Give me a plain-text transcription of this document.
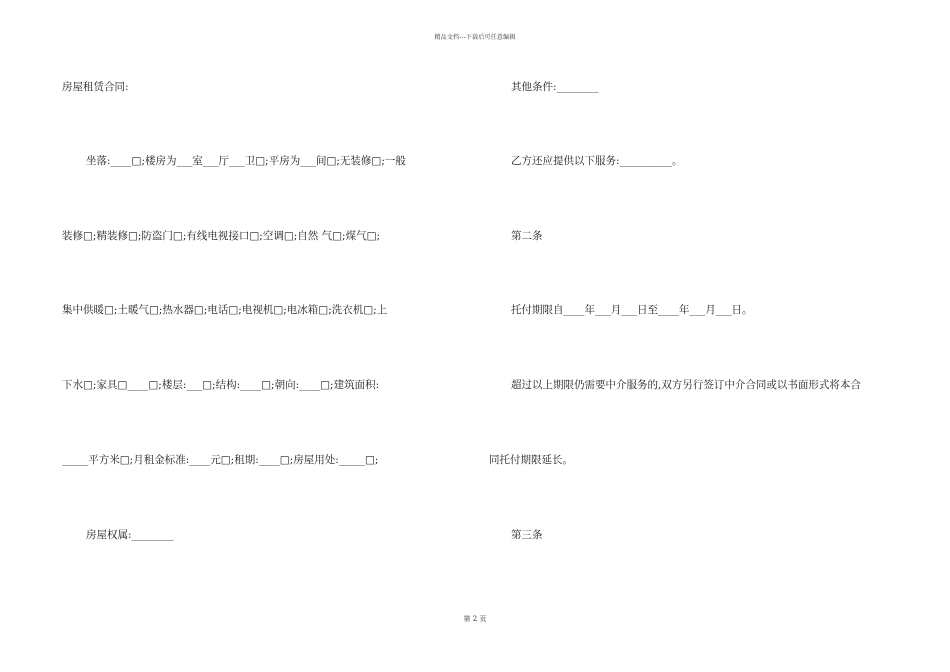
精品文档---下载后可任意编辑
房屋租赁合同:
坐落:____□;楼房为___室___厅___卫□;平房为___间□;无装修□;一般
装修□;精装修□;防盗门□;有线电视接口□;空调□;自然 气□;煤气□;
集中供暖□;土暖气□;热水器□;电话□;电视机□;电冰箱□;洗衣机□;上
下水□;家具□____□;楼层:___□;结构:____□;朝向:____□;建筑面积:
_____平方米□;月租金标准:____元□;租期:____□;房屋用处:_____□;
房屋权属:________
其他条件:________
乙方还应提供以下服务:__________。
第二条
托付期限自____年___月___日至____年___月___日。
超过以上期限仍需要中介服务的,双方另行签订中介合同或以书面形式将本合
同托付期限延长。
第三条
第 2 页
